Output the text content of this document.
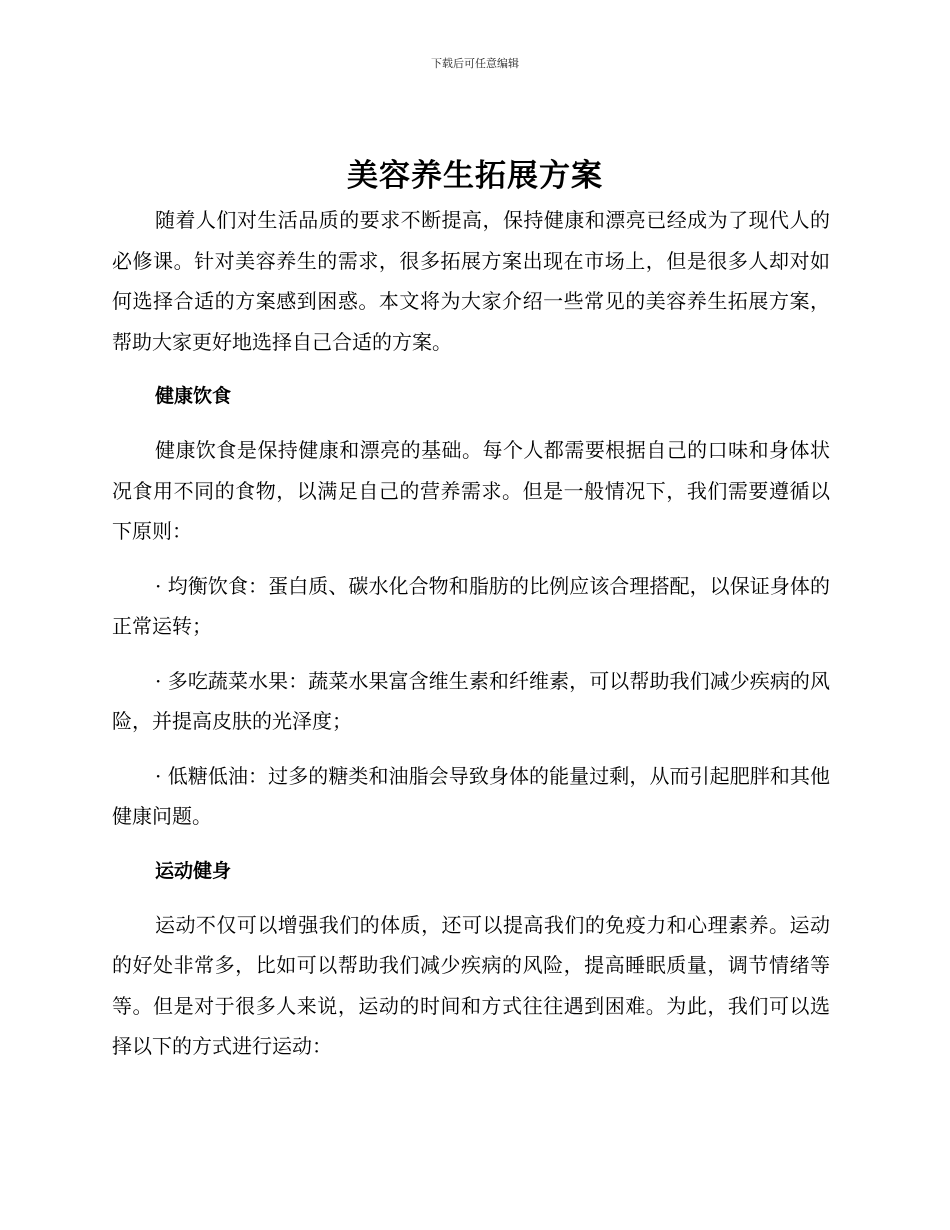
下载后可任意编辑
美容养生拓展方案

随着人们对生活品质的要求不断提高，保持健康和漂亮已经成为了现代人的必修课。针对美容养生的需求，很多拓展方案出现在市场上，但是很多人却对如何选择合适的方案感到困惑。本文将为大家介绍一些常见的美容养生拓展方案，帮助大家更好地选择自己合适的方案。

健康饮食

健康饮食是保持健康和漂亮的基础。每个人都需要根据自己的口味和身体状况食用不同的食物，以满足自己的营养需求。但是一般情况下，我们需要遵循以下原则：

· 均衡饮食：蛋白质、碳水化合物和脂肪的比例应该合理搭配，以保证身体的正常运转；

· 多吃蔬菜水果：蔬菜水果富含维生素和纤维素，可以帮助我们减少疾病的风险，并提高皮肤的光泽度；

· 低糖低油：过多的糖类和油脂会导致身体的能量过剩，从而引起肥胖和其他健康问题。

运动健身

运动不仅可以增强我们的体质，还可以提高我们的免疫力和心理素养。运动的好处非常多，比如可以帮助我们减少疾病的风险，提高睡眠质量，调节情绪等等。但是对于很多人来说，运动的时间和方式往往遇到困难。为此，我们可以选择以下的方式进行运动：
